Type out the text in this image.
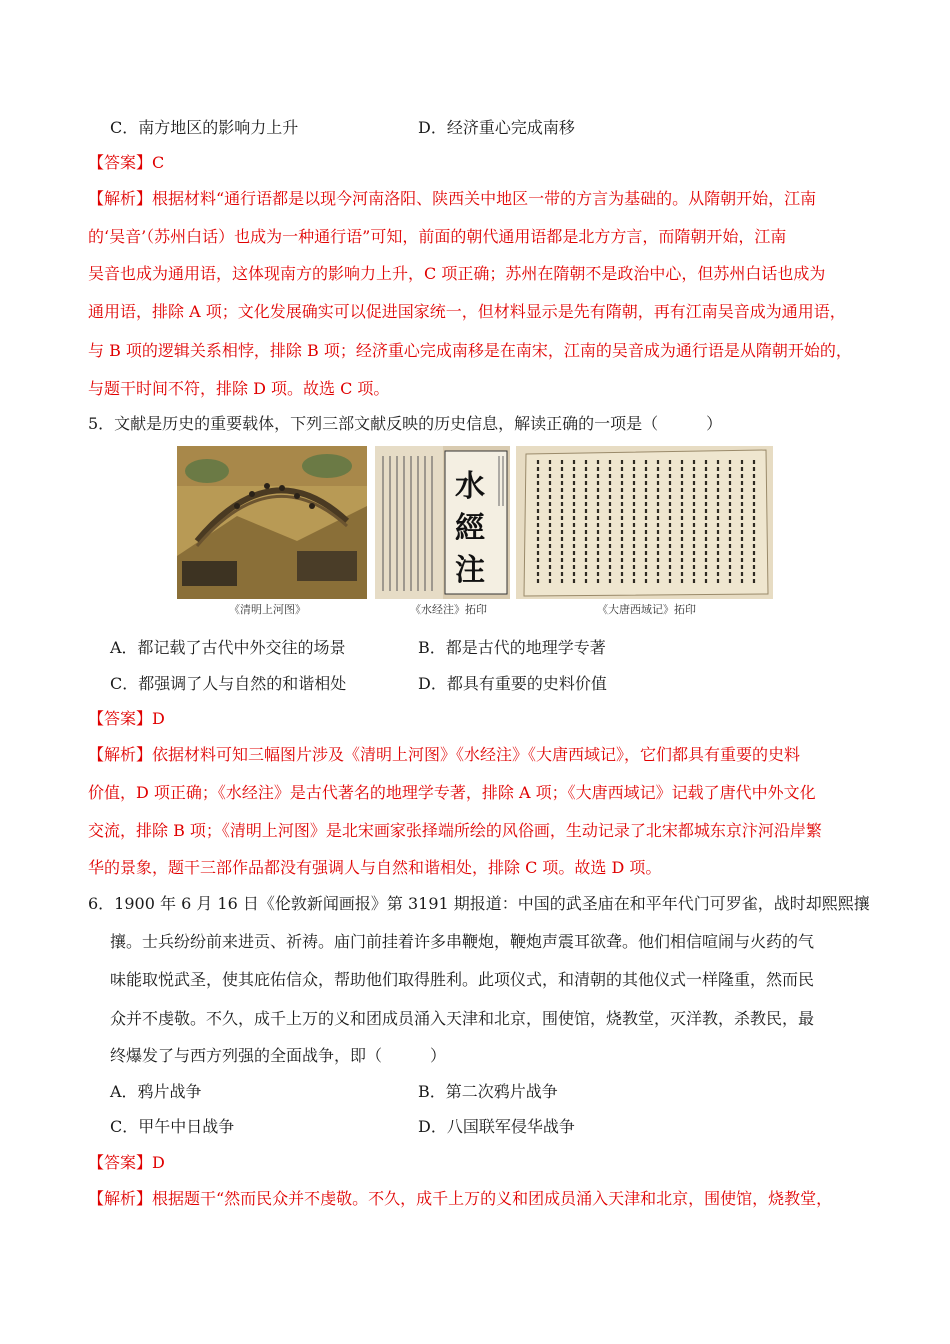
C．南方地区的影响力上升	D．经济重心完成南移
【答案】C
【解析】根据材料“通行语都是以现今河南洛阳、陕西关中地区一带的方言为基础的。从隋朝开始，江南
的‘吴音’（苏州白话）也成为一种通行语”可知，前面的朝代通用语都是北方方言，而隋朝开始，江南
吴音也成为通用语，这体现南方的影响力上升，C 项正确；苏州在隋朝不是政治中心，但苏州白话也成为
通用语，排除 A 项；文化发展确实可以促进国家统一，但材料显示是先有隋朝，再有江南吴音成为通用语，
与 B 项的逻辑关系相悖，排除 B 项；经济重心完成南移是在南宋，江南的吴音成为通行语是从隋朝开始的，
与题干时间不符，排除 D 项。故选 C 项。
5．文献是历史的重要载体，下列三部文献反映的历史信息，解读正确的一项是（　　　）
《清明上河图》
水經注
《水经注》拓印	《大唐西域记》拓印
A．都记载了古代中外交往的场景	B．都是古代的地理学专著
C．都强调了人与自然的和谐相处	D．都具有重要的史料价值
【答案】D
【解析】依据材料可知三幅图片涉及《清明上河图》《水经注》《大唐西域记》，它们都具有重要的史料
价值，D 项正确；《水经注》是古代著名的地理学专著，排除 A 项；《大唐西域记》记载了唐代中外文化
交流，排除 B 项；《清明上河图》是北宋画家张择端所绘的风俗画，生动记录了北宋都城东京汴河沿岸繁
华的景象，题干三部作品都没有强调人与自然和谐相处，排除 C 项。故选 D 项。
6．1900 年 6 月 16 日《伦敦新闻画报》第 3191 期报道：中国的武圣庙在和平年代门可罗雀，战时却熙熙攘
攘。士兵纷纷前来进贡、祈祷。庙门前挂着许多串鞭炮，鞭炮声震耳欲聋。他们相信喧闹与火药的气
味能取悦武圣，使其庇佑信众，帮助他们取得胜利。此项仪式，和清朝的其他仪式一样隆重，然而民
众并不虔敬。不久，成千上万的义和团成员涌入天津和北京，围使馆，烧教堂，灭洋教，杀教民，最
终爆发了与西方列强的全面战争，即（　　　）
A．鸦片战争	B．第二次鸦片战争
C．甲午中日战争	D．八国联军侵华战争
【答案】D
【解析】根据题干“然而民众并不虔敬。不久，成千上万的义和团成员涌入天津和北京，围使馆，烧教堂，
